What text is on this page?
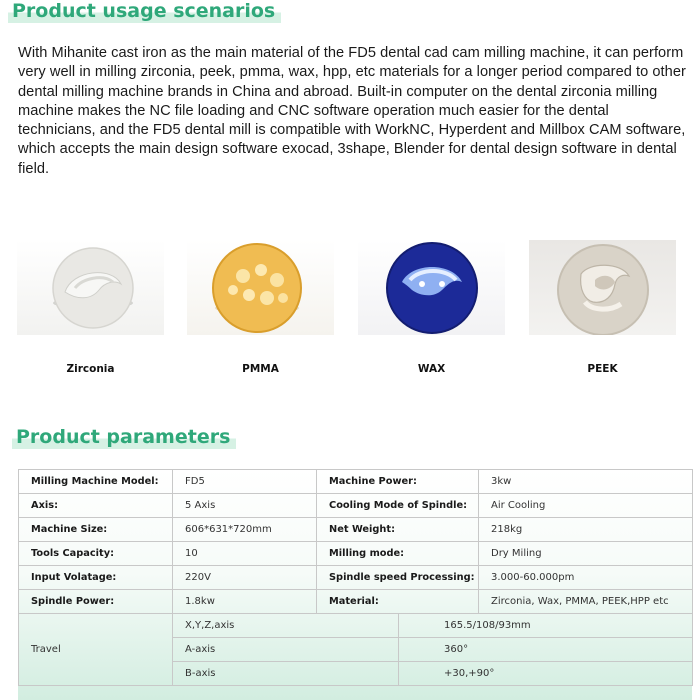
Product usage scenarios
With Mihanite cast iron as the main material of the FD5 dental cad cam milling machine, it can perform very well in milling zirconia, peek, pmma, wax, hpp, etc materials for a longer period compared to other dental milling machine brands in China and abroad. Built-in computer on the dental zirconia milling machine makes the NC file loading and CNC software operation much easier for the dental technicians, and the FD5 dental mill is compatible with WorkNC, Hyperdent and Millbox CAM software, which accepts the main design software exocad, 3shape, Blender for dental design software in dental field.
Zirconia	PMMA	WAX	PEEK
Product parameters
Milling Machine Model:	FD5	Machine Power:	3kw
Axis:	5 Axis	Cooling Mode of Spindle:	Air Cooling
Machine Size:	606*631*720mm	Net Weight:	218kg
Tools Capacity:	10	Milling mode:	Dry Miling
Input Volatage:	220V	Spindle speed Processing:	3.000-60.000pm
Spindle Power:	1.8kw	Material:	Zirconia, Wax, PMMA, PEEK,HPP etc
Travel	X,Y,Z,axis	165.5/108/93mm
	A-axis	360°
	B-axis	+30,+90°
